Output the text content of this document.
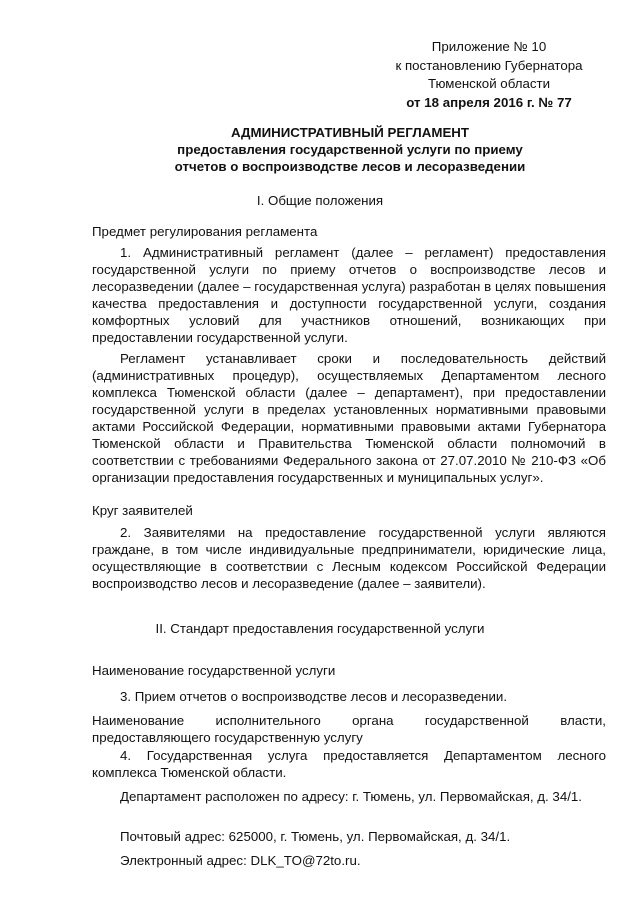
Приложение № 10
к постановлению Губернатора
Тюменской области
от 18 апреля 2016 г. № 77
АДМИНИСТРАТИВНЫЙ РЕГЛАМЕНТ
предоставления государственной услуги по приему
отчетов о воспроизводстве лесов и лесоразведении
I. Общие положения
Предмет регулирования регламента
1. Административный регламент (далее – регламент) предоставления государственной услуги по приему отчетов о воспроизводстве лесов и лесоразведении (далее – государственная услуга) разработан в целях повышения качества предоставления и доступности государственной услуги, создания комфортных условий для участников отношений, возникающих при предоставлении государственной услуги.
Регламент устанавливает сроки и последовательность действий (административных процедур), осуществляемых Департаментом лесного комплекса Тюменской области (далее – департамент), при предоставлении государственной услуги в пределах установленных нормативными правовыми актами Российской Федерации, нормативными правовыми актами Губернатора Тюменской области и Правительства Тюменской области полномочий в соответствии с требованиями Федерального закона от 27.07.2010 № 210-ФЗ «Об организации предоставления государственных и муниципальных услуг».
Круг заявителей
2. Заявителями на предоставление государственной услуги являются граждане, в том числе индивидуальные предприниматели, юридические лица, осуществляющие в соответствии с Лесным кодексом Российской Федерации воспроизводство лесов и лесоразведение (далее – заявители).
II. Стандарт предоставления государственной услуги
Наименование государственной услуги
3. Прием отчетов о воспроизводстве лесов и лесоразведении.
Наименование исполнительного органа государственной власти, предоставляющего государственную услугу
4. Государственная услуга предоставляется Департаментом лесного комплекса Тюменской области.
Департамент расположен по адресу: г. Тюмень, ул. Первомайская, д. 34/1.
Почтовый адрес: 625000, г. Тюмень, ул. Первомайская, д. 34/1.
Электронный адрес: DLK_TO@72to.ru.
